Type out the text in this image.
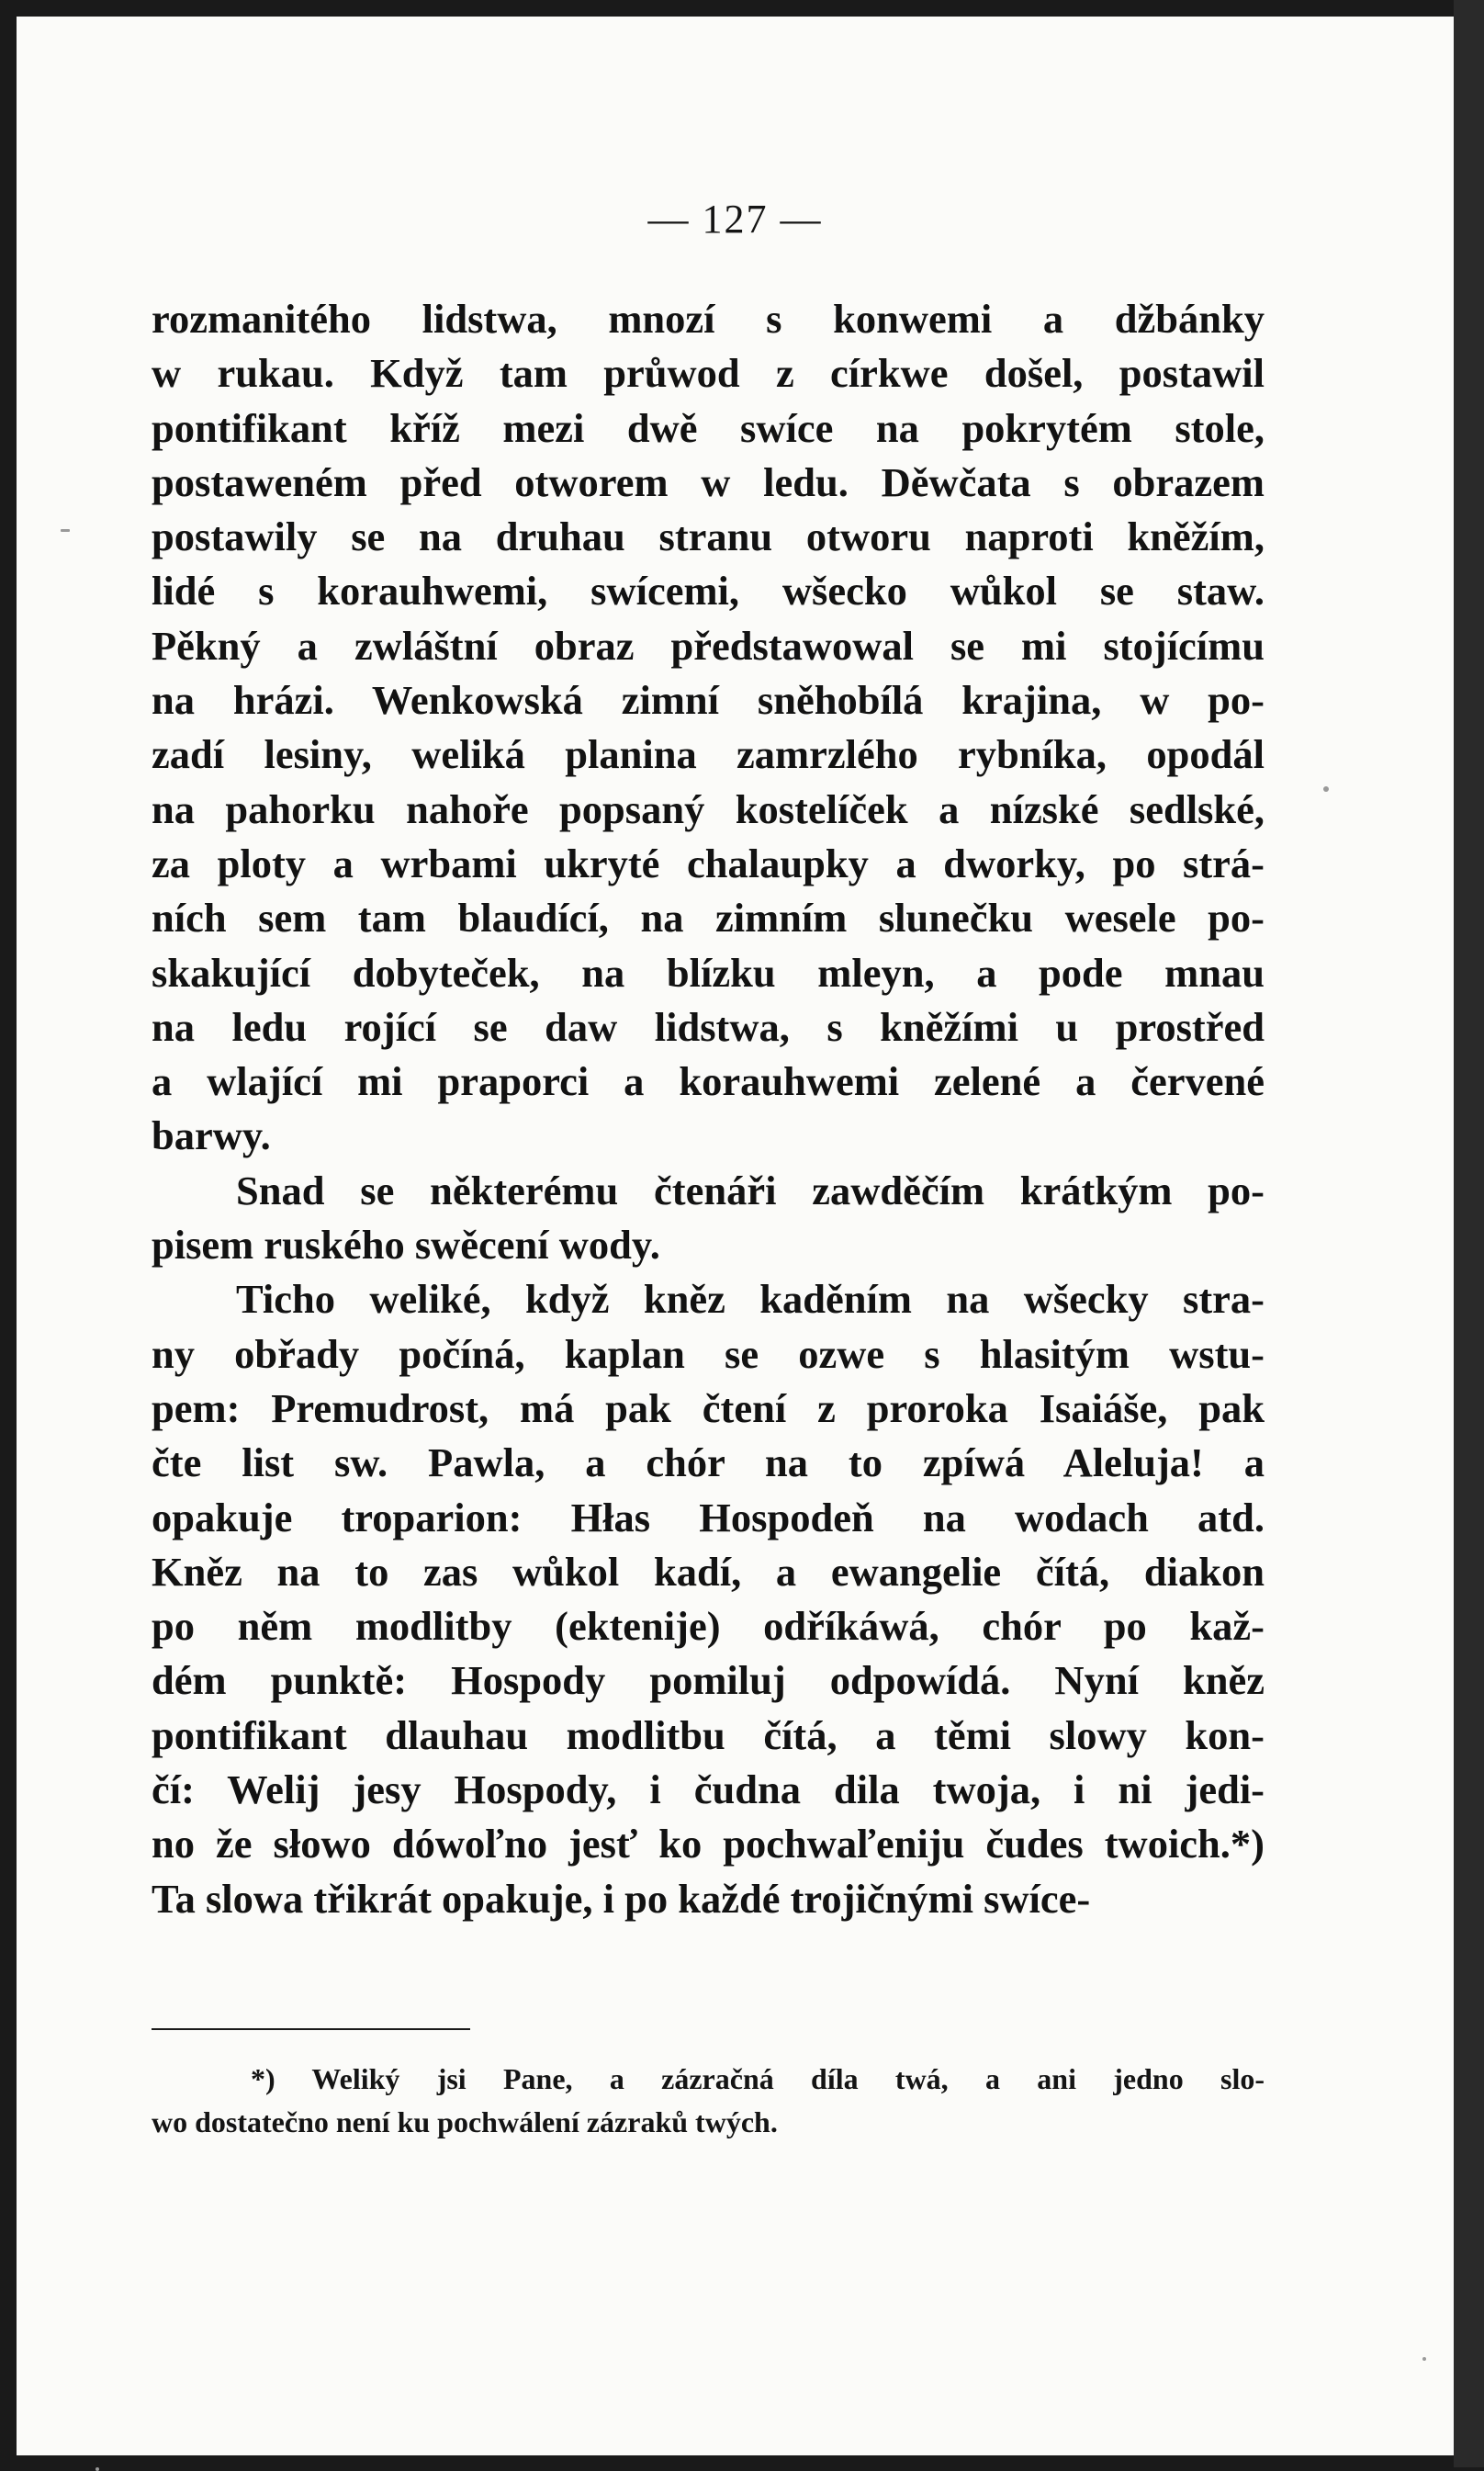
— 127 —
rozmanitého lidstwa, mnozí s konwemi a džbánky
w rukau. Když tam průwod z církwe došel, postawil
pontifikant kříž mezi dwě swíce na pokrytém stole,
postaweném před otworem w ledu. Děwčata s obrazem
postawily se na druhau stranu otworu naproti kněžím,
lidé s korauhwemi, swícemi, wšecko wůkol se staw.
Pěkný a zwláštní obraz předstawowal se mi stojícímu
na hrázi. Wenkowská zimní sněhobílá krajina, w po-
zadí lesiny, weliká planina zamrzlého rybníka, opodál
na pahorku nahoře popsaný kostelíček a nízské sedlské,
za ploty a wrbami ukryté chalaupky a dworky, po strá-
ních sem tam blaudící, na zimním slunečku wesele po-
skakující dobyteček, na blízku mleyn, a pode mnau
na ledu rojící se daw lidstwa, s kněžími u prostřed
a wlající mi praporci a korauhwemi zelené a červené
barwy.
Snad se některému čtenáři zawděčím krátkým po-
pisem ruského swěcení wody.
Ticho weliké, když kněz kaděním na wšecky stra-
ny obřady počíná, kaplan se ozwe s hlasitým wstu-
pem: Premudrost, má pak čtení z proroka Isaiáše, pak
čte list sw. Pawla, a chór na to zpíwá Aleluja! a
opakuje troparion: Hłas Hospodeň na wodach atd.
Kněz na to zas wůkol kadí, a ewangelie čítá, diakon
po něm modlitby (ektenije) odříkáwá, chór po kaž-
dém punktě: Hospody pomiluj odpowídá. Nyní kněz
pontifikant dlauhau modlitbu čítá, a těmi slowy kon-
čí: Welij jesy Hospody, i čudna dila twoja, i ni jedi-
no že słowo dówoľno jesť ko pochwaľeniju čudes twoich.*)
Ta slowa třikrát opakuje, i po každé trojičnými swíce-
*) Weliký jsi Pane, a zázračná díla twá, a ani jedno slo-
wo dostatečno není ku pochwálení zázraků twých.
